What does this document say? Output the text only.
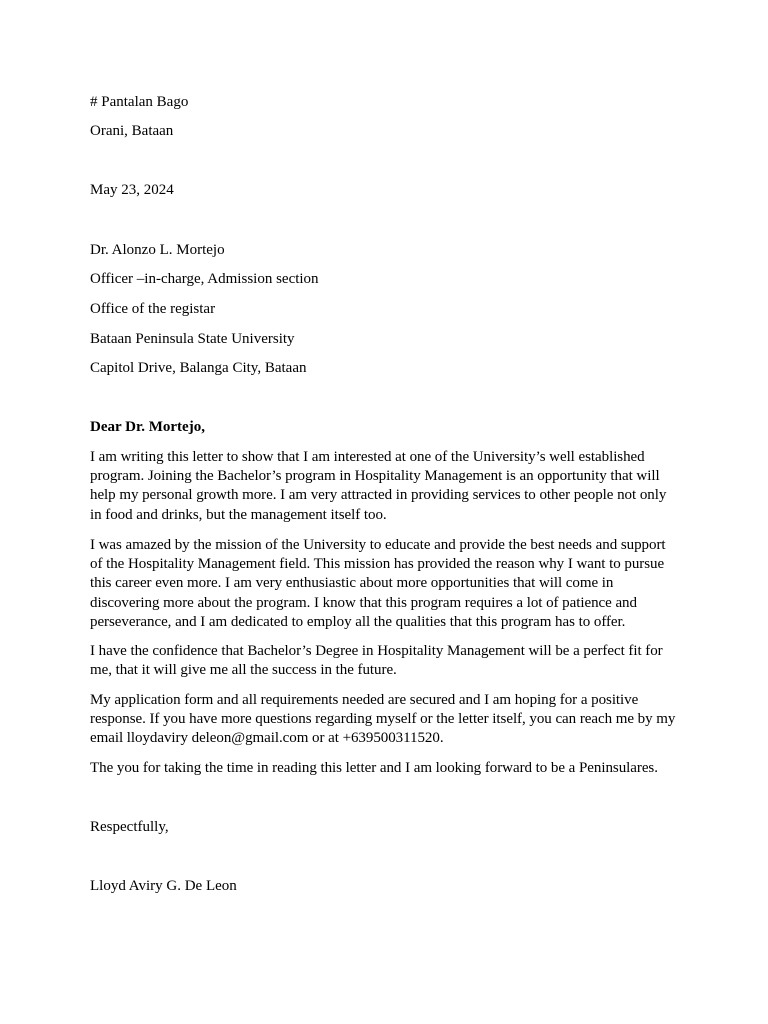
# Pantalan Bago
Orani, Bataan
May 23, 2024
Dr. Alonzo L. Mortejo
Officer –in-charge, Admission section
Office of the registar
Bataan Peninsula State University
Capitol Drive, Balanga City, Bataan
Dear Dr. Mortejo,

I am writing this letter to show that I am interested at one of the University’s well established program. Joining the Bachelor’s program in Hospitality Management is an opportunity that will help my personal growth more. I am very attracted in providing services to other people not only in food and drinks, but the management itself too.

I was amazed by the mission of the University to educate and provide the best needs and support of the Hospitality Management field. This mission has provided the reason why I want to pursue this career even more. I am very enthusiastic about more opportunities that will come in discovering more about the program. I know that this program requires a lot of patience and perseverance, and I am dedicated to employ all the qualities that this program has to offer.

I have the confidence that Bachelor’s Degree in Hospitality Management will be a perfect fit for me, that it will give me all the success in the future.

My application form and all requirements needed are secured and I am hoping for a positive response. If you have more questions regarding myself or the letter itself, you can reach me by my email lloydaviry deleon@gmail.com or at +639500311520.

The you for taking the time in reading this letter and I am looking forward to be a Peninsulares.

Respectfully,
Lloyd Aviry G. De Leon
